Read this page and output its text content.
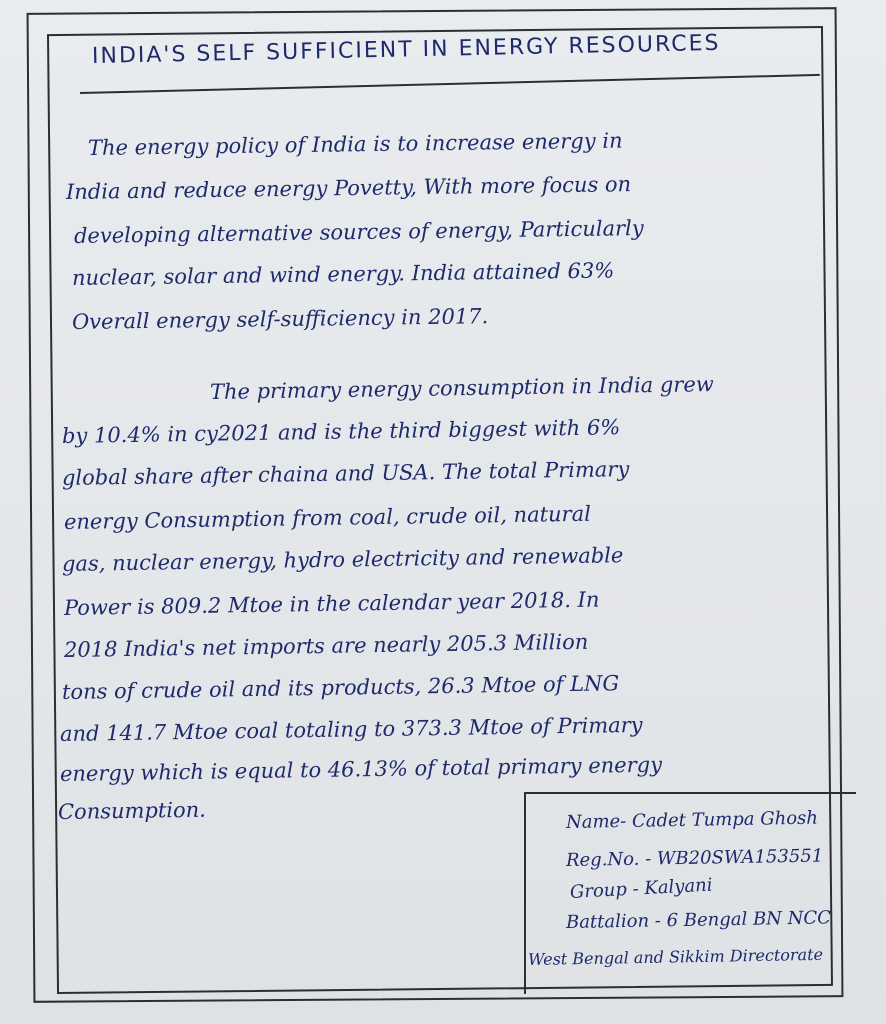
INDIA'S SELF SUFFICIENT IN ENERGY RESOURCES
The energy policy of India is to increase energy in
India and reduce energy Povetty, With more focus on
developing alternative sources of energy, Particularly
nuclear, solar and wind energy. India attained 63%
Overall energy self-sufficiency in 2017.
The primary energy consumption in India grew
by 10.4% in cy2021 and is the third biggest with 6%
global share after chaina and USA. The total Primary
energy Consumption from coal, crude oil, natural
gas, nuclear energy, hydro electricity and renewable
Power is 809.2 Mtoe in the calendar year 2018. In
2018 India's net imports are nearly 205.3 Million
tons of crude oil and its products, 26.3 Mtoe of LNG
and 141.7 Mtoe coal totaling to 373.3 Mtoe of Primary
energy which is equal to 46.13% of total primary energy
Consumption.	Name- Cadet Tumpa Ghosh
Reg.No. - WB20SWA153551
Group - Kalyani
Battalion - 6 Bengal BN NCC
West Bengal and Sikkim Directorate
